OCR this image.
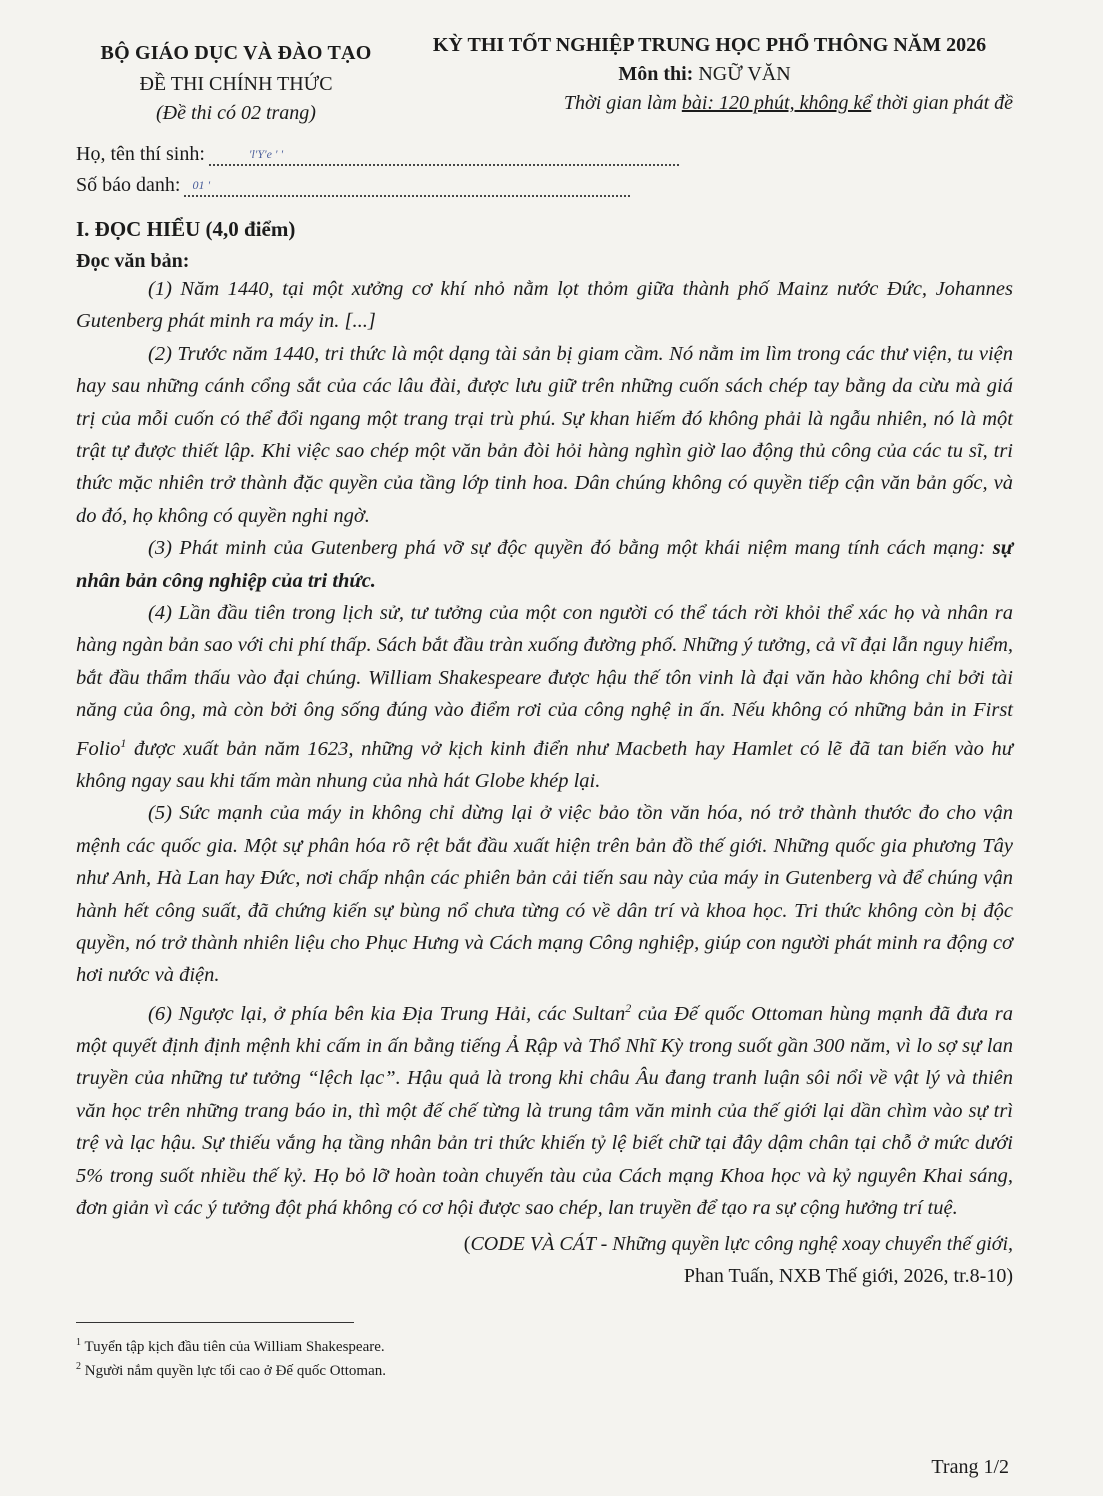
BỘ GIÁO DỤC VÀ ĐÀO TẠO
ĐỀ THI CHÍNH THỨC
(Đề thi có 02 trang)
KỲ THI TỐT NGHIỆP TRUNG HỌC PHỔ THÔNG NĂM 2026
Môn thi: NGỮ VĂN
Thời gian làm bài: 120 phút, không kể thời gian phát đề
Họ, tên thí sinh:	'l'Y'e ' '
Số báo danh: 01 '
I. ĐỌC HIỂU (4,0 điểm)
Đọc văn bản:

(1) Năm 1440, tại một xưởng cơ khí nhỏ nằm lọt thỏm giữa thành phố Mainz nước Đức, Johannes Gutenberg phát minh ra máy in. [...]

(2) Trước năm 1440, tri thức là một dạng tài sản bị giam cầm. Nó nằm im lìm trong các thư viện, tu viện hay sau những cánh cổng sắt của các lâu đài, được lưu giữ trên những cuốn sách chép tay bằng da cừu mà giá trị của mỗi cuốn có thể đổi ngang một trang trại trù phú. Sự khan hiếm đó không phải là ngẫu nhiên, nó là một trật tự được thiết lập. Khi việc sao chép một văn bản đòi hỏi hàng nghìn giờ lao động thủ công của các tu sĩ, tri thức mặc nhiên trở thành đặc quyền của tầng lớp tinh hoa. Dân chúng không có quyền tiếp cận văn bản gốc, và do đó, họ không có quyền nghi ngờ.

(3) Phát minh của Gutenberg phá vỡ sự độc quyền đó bằng một khái niệm mang tính cách mạng: sự nhân bản công nghiệp của tri thức.

(4) Lần đầu tiên trong lịch sử, tư tưởng của một con người có thể tách rời khỏi thể xác họ và nhân ra hàng ngàn bản sao với chi phí thấp. Sách bắt đầu tràn xuống đường phố. Những ý tưởng, cả vĩ đại lẫn nguy hiểm, bắt đầu thẩm thấu vào đại chúng. William Shakespeare được hậu thế tôn vinh là đại văn hào không chỉ bởi tài năng của ông, mà còn bởi ông sống đúng vào điểm rơi của công nghệ in ấn. Nếu không có những bản in First Folio$^1$ được xuất bản năm 1623, những vở kịch kinh điển như Macbeth hay Hamlet có lẽ đã tan biến vào hư không ngay sau khi tấm màn nhung của nhà hát Globe khép lại.

(5) Sức mạnh của máy in không chỉ dừng lại ở việc bảo tồn văn hóa, nó trở thành thước đo cho vận mệnh các quốc gia. Một sự phân hóa rõ rệt bắt đầu xuất hiện trên bản đồ thế giới. Những quốc gia phương Tây như Anh, Hà Lan hay Đức, nơi chấp nhận các phiên bản cải tiến sau này của máy in Gutenberg và để chúng vận hành hết công suất, đã chứng kiến sự bùng nổ chưa từng có về dân trí và khoa học. Tri thức không còn bị độc quyền, nó trở thành nhiên liệu cho Phục Hưng và Cách mạng Công nghiệp, giúp con người phát minh ra động cơ hơi nước và điện.

(6) Ngược lại, ở phía bên kia Địa Trung Hải, các Sultan$^2$ của Đế quốc Ottoman hùng mạnh đã đưa ra một quyết định định mệnh khi cấm in ấn bằng tiếng Ả Rập và Thổ Nhĩ Kỳ trong suốt gần 300 năm, vì lo sợ sự lan truyền của những tư tưởng “lệch lạc”. Hậu quả là trong khi châu Âu đang tranh luận sôi nổi về vật lý và thiên văn học trên những trang báo in, thì một đế chế từng là trung tâm văn minh của thế giới lại dần chìm vào sự trì trệ và lạc hậu. Sự thiếu vắng hạ tầng nhân bản tri thức khiến tỷ lệ biết chữ tại đây dậm chân tại chỗ ở mức dưới 5% trong suốt nhiều thế kỷ. Họ bỏ lỡ hoàn toàn chuyến tàu của Cách mạng Khoa học và kỷ nguyên Khai sáng, đơn giản vì các ý tưởng đột phá không có cơ hội được sao chép, lan truyền để tạo ra sự cộng hưởng trí tuệ.

(CODE VÀ CÁT - Những quyền lực công nghệ xoay chuyển thế giới,
Phan Tuấn, NXB Thế giới, 2026, tr.8-10)
$^1$ Tuyển tập kịch đầu tiên của William Shakespeare.
$^2$ Người nắm quyền lực tối cao ở Đế quốc Ottoman.
Trang 1/2
